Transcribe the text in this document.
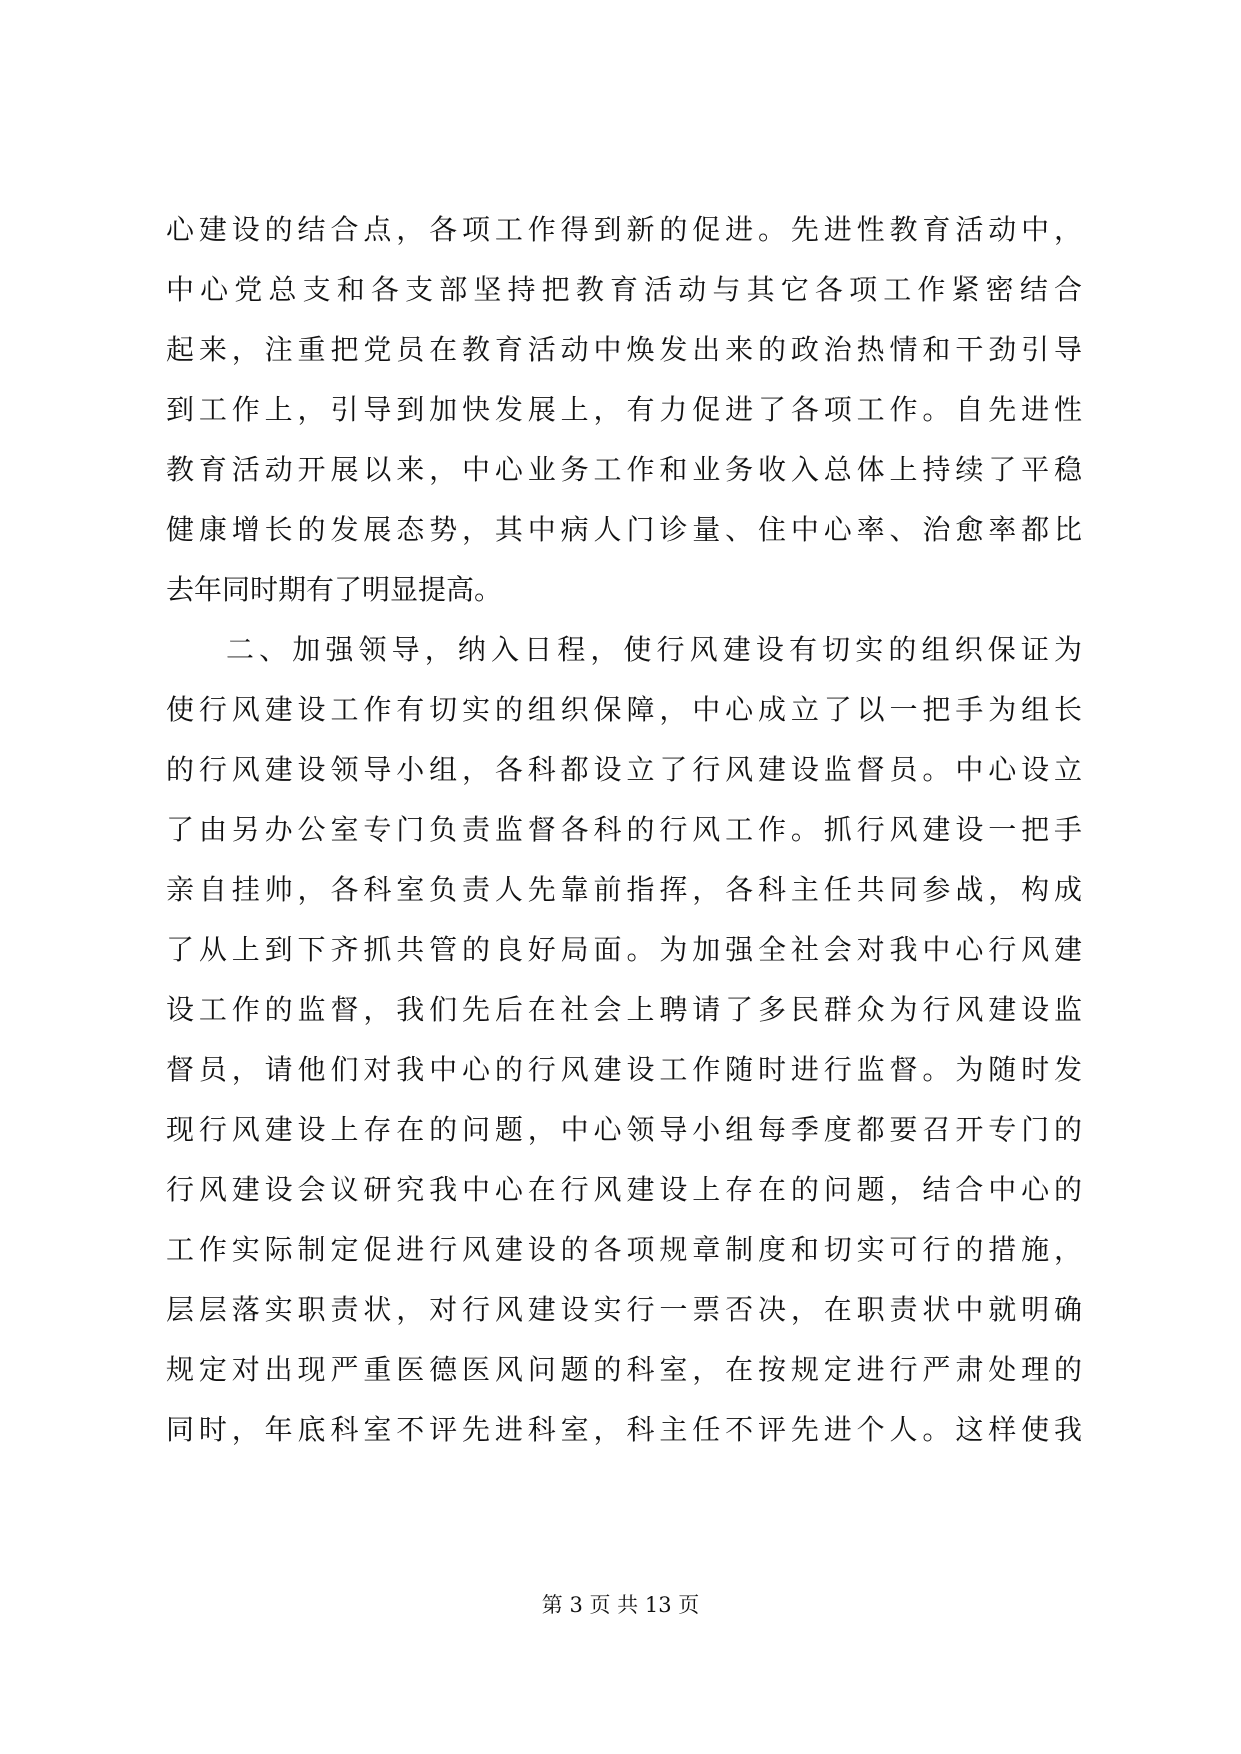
心建设的结合点，各项工作得到新的促进。先进性教育活动中，
中心党总支和各支部坚持把教育活动与其它各项工作紧密结合
起来，注重把党员在教育活动中焕发出来的政治热情和干劲引导
到工作上，引导到加快发展上，有力促进了各项工作。自先进性
教育活动开展以来，中心业务工作和业务收入总体上持续了平稳
健康增长的发展态势，其中病人门诊量、住中心率、治愈率都比
去年同时期有了明显提高。
二、加强领导，纳入日程，使行风建设有切实的组织保证为
使行风建设工作有切实的组织保障，中心成立了以一把手为组长
的行风建设领导小组，各科都设立了行风建设监督员。中心设立
了由另办公室专门负责监督各科的行风工作。抓行风建设一把手
亲自挂帅，各科室负责人先靠前指挥，各科主任共同参战，构成
了从上到下齐抓共管的良好局面。为加强全社会对我中心行风建
设工作的监督，我们先后在社会上聘请了多民群众为行风建设监
督员，请他们对我中心的行风建设工作随时进行监督。为随时发
现行风建设上存在的问题，中心领导小组每季度都要召开专门的
行风建设会议研究我中心在行风建设上存在的问题，结合中心的
工作实际制定促进行风建设的各项规章制度和切实可行的措施，
层层落实职责状，对行风建设实行一票否决，在职责状中就明确
规定对出现严重医德医风问题的科室，在按规定进行严肃处理的
同时，年底科室不评先进科室，科主任不评先进个人。这样使我
第 3 页 共 13 页
